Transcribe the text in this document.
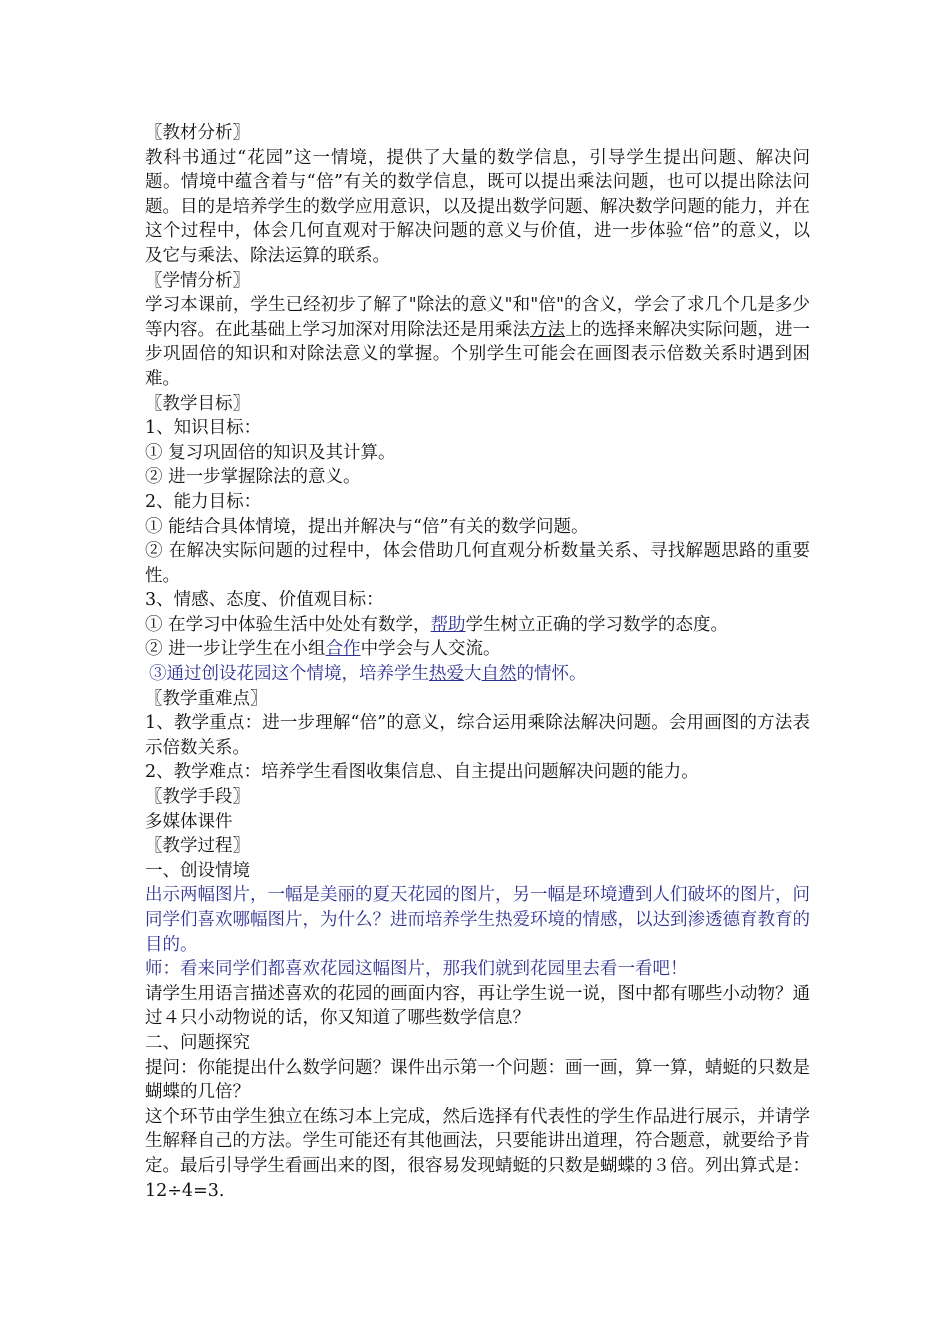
〖教材分析〗

教科书通过“花园”这一情境，提供了大量的数学信息，引导学生提出问题、解决问题。情境中蕴含着与“倍”有关的数学信息，既可以提出乘法问题，也可以提出除法问题。目的是培养学生的数学应用意识，以及提出数学问题、解决数学问题的能力，并在这个过程中，体会几何直观对于解决问题的意义与价值，进一步体验“倍”的意义，以及它与乘法、除法运算的联系。

〖学情分析〗

学习本课前，学生已经初步了解了"除法的意义"和"倍"的含义，学会了求几个几是多少等内容。在此基础上学习加深对用除法还是用乘法方法上的选择来解决实际问题，进一步巩固倍的知识和对除法意义的掌握。个别学生可能会在画图表示倍数关系时遇到困难。

〖教学目标〗

1、知识目标：

① 复习巩固倍的知识及其计算。

② 进一步掌握除法的意义。

2、能力目标：

① 能结合具体情境，提出并解决与“倍”有关的数学问题。

② 在解决实际问题的过程中，体会借助几何直观分析数量关系、寻找解题思路的重要性。

3、情感、态度、价值观目标：

① 在学习中体验生活中处处有数学，帮助学生树立正确的学习数学的态度。

② 进一步让学生在小组合作中学会与人交流。

③通过创设花园这个情境，培养学生热爱大自然的情怀。

〖教学重难点〗

1、教学重点：进一步理解“倍”的意义，综合运用乘除法解决问题。会用画图的方法表示倍数关系。

2、教学难点：培养学生看图收集信息、自主提出问题解决问题的能力。

〖教学手段〗

多媒体课件

〖教学过程〗

一、创设情境

出示两幅图片，一幅是美丽的夏天花园的图片，另一幅是环境遭到人们破坏的图片，问同学们喜欢哪幅图片，为什么？进而培养学生热爱环境的情感，以达到渗透德育教育的目的。

师：看来同学们都喜欢花园这幅图片，那我们就到花园里去看一看吧！

请学生用语言描述喜欢的花园的画面内容，再让学生说一说，图中都有哪些小动物？通过４只小动物说的话，你又知道了哪些数学信息？

二、问题探究

提问：你能提出什么数学问题？课件出示第一个问题：画一画，算一算，蜻蜓的只数是蝴蝶的几倍？

这个环节由学生独立在练习本上完成，然后选择有代表性的学生作品进行展示，并请学生解释自己的方法。学生可能还有其他画法，只要能讲出道理，符合题意，就要给予肯定。最后引导学生看画出来的图，很容易发现蜻蜓的只数是蝴蝶的３倍。列出算式是：12÷4=3.
